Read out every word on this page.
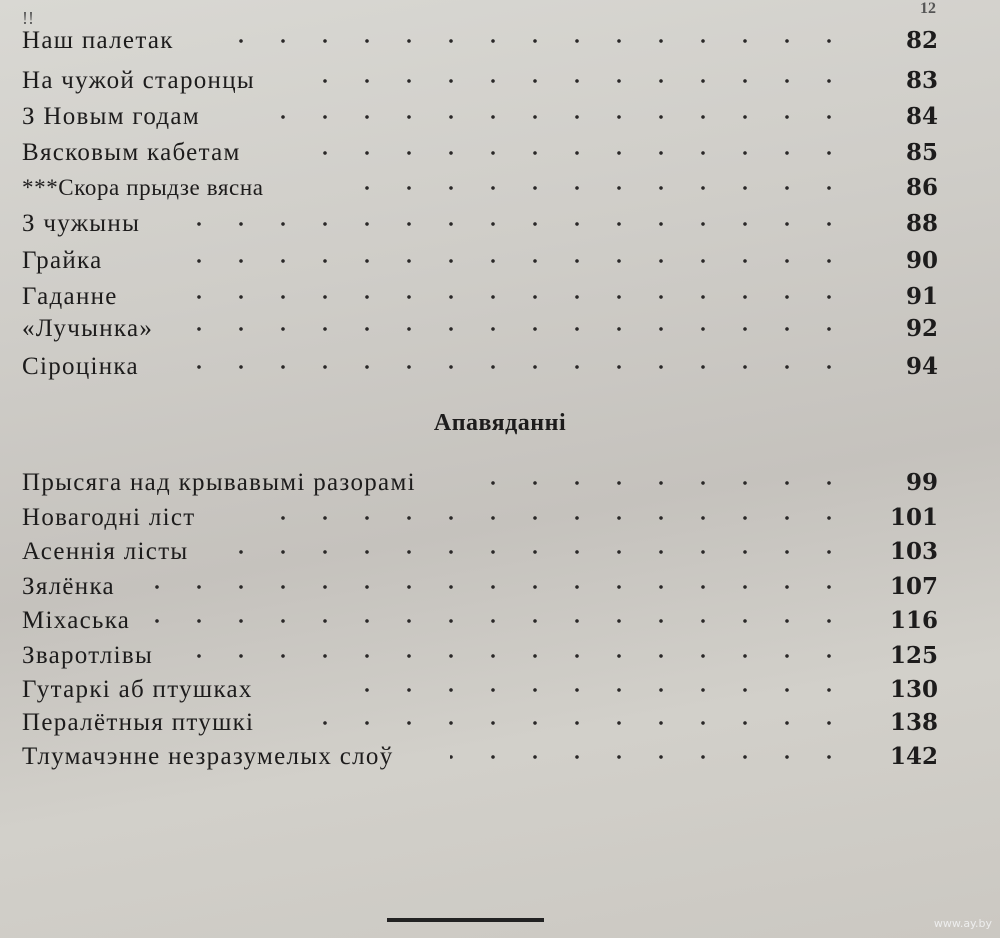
!!	12
Наш палетак	82
На чужой старонцы	83
З Новым годам	84
Вясковым кабетам	85
***Скора прыдзе вясна	86
З чужыны	88
Грайка	90
Гаданне	91
«Лучынка»	92
Сіроцінка	94
Апавяданні
Прысяга над крывавымі разорамі	99
Новагодні ліст	101
Асеннія лісты	103
Зялёнка	107
Міхаська	116
Зваротлівы	125
Гутаркі аб птушках	130
Пералётныя птушкі	138
Тлумачэнне незразумелых слоў	142
www.ay.by
